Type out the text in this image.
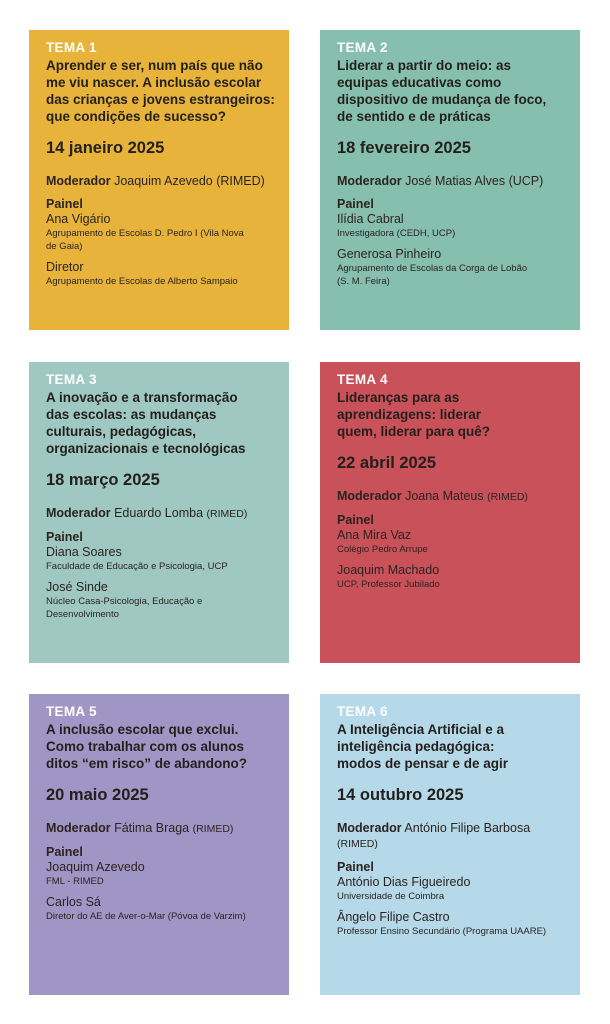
TEMA 1
Aprender e ser, num país que não
me viu nascer. A inclusão escolar
das crianças e jovens estrangeiros:
que condições de sucesso?
14 janeiro 2025
Moderador Joaquim Azevedo (RIMED)
Painel
Ana Vigário
Agrupamento de Escolas D. Pedro I (Vila Nova
de Gaia)
Diretor
Agrupamento de Escolas de Alberto Sampaio
TEMA 2
Liderar a partir do meio: as
equipas educativas como
dispositivo de mudança de foco,
de sentido e de práticas
18 fevereiro 2025
Moderador José Matias Alves (UCP)
Painel
Ilídia Cabral
Investigadora (CEDH, UCP)
Generosa Pinheiro
Agrupamento de Escolas da Corga de Lobão
(S. M. Feira)
TEMA 3
A inovação e a transformação
das escolas: as mudanças
culturais, pedagógicas,
organizacionais e tecnológicas
18 março 2025
Moderador Eduardo Lomba (RIMED)
Painel
Diana Soares
Faculdade de Educação e Psicologia, UCP
José Sinde
Núcleo Casa-Psicologia, Educação e
Desenvolvimento
TEMA 4
Lideranças para as
aprendizagens: liderar
quem, liderar para quê?
22 abril 2025
Moderador Joana Mateus (RIMED)
Painel
Ana Mira Vaz
Colégio Pedro Arrupe
Joaquim Machado
UCP, Professor Jubilado
TEMA 5
A inclusão escolar que exclui.
Como trabalhar com os alunos
ditos “em risco” de abandono?
20 maio 2025
Moderador Fátima Braga (RIMED)
Painel
Joaquim Azevedo
FML - RIMED
Carlos Sá
Diretor do AE de Aver-o-Mar (Póvoa de Varzim)
TEMA 6
A Inteligência Artificial e a
inteligência pedagógica:
modos de pensar e de agir
14 outubro 2025
Moderador António Filipe Barbosa
(RIMED)
Painel
António Dias Figueiredo
Universidade de Coimbra
Ângelo Filipe Castro
Professor Ensino Secundário (Programa UAARE)
